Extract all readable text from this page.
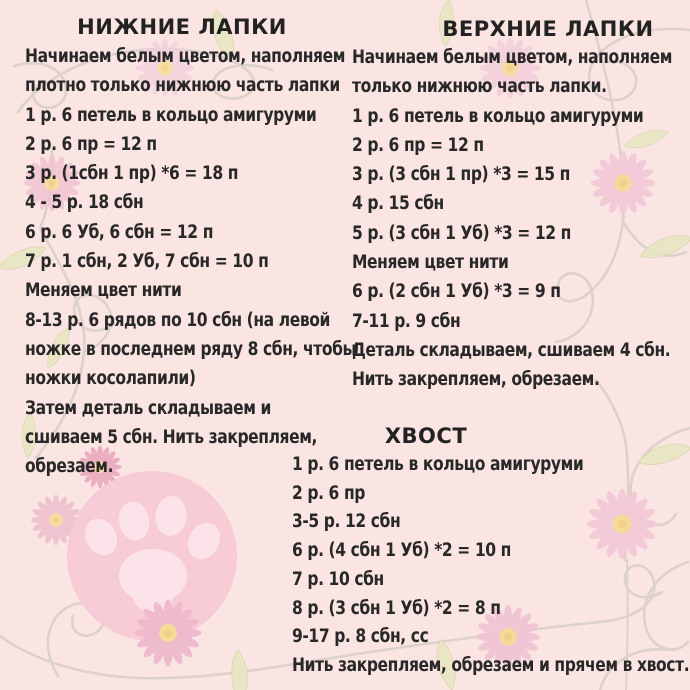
НИЖНИЕ ЛАПКИ	ВЕРХНИЕ ЛАПКИ
ХВОСТ
Начинаем белым цветом, наполняем
плотно только нижнюю часть лапки
1 р. 6 петель в кольцо амигуруми
2 р. 6 пр = 12 п
3 р. (1сбн 1 пр) *6 = 18 п
4 - 5 р. 18 сбн
6 р. 6 Уб, 6 сбн = 12 п
7 р. 1 сбн, 2 Уб, 7 сбн = 10 п
Меняем цвет нити
8-13 р. 6 рядов по 10 сбн (на левой
ножке в последнем ряду 8 сбн, чтобы
ножки косолапили)
Затем деталь складываем и
сшиваем 5 сбн. Нить закрепляем,
обрезаем.
Начинаем белым цветом, наполняем
только нижнюю часть лапки.
1 р. 6 петель в кольцо амигуруми
2 р. 6 пр = 12 п
3 р. (3 сбн 1 пр) *3 = 15 п
4 р. 15 сбн
5 р. (3 сбн 1 Уб) *3 = 12 п
Меняем цвет нити
6 р. (2 сбн 1 Уб) *3 = 9 п
7-11 р. 9 сбн
Деталь складываем, сшиваем 4 сбн.
Нить закрепляем, обрезаем.
1 р. 6 петель в кольцо амигуруми
2 р. 6 пр
3-5 р. 12 сбн
6 р. (4 сбн 1 Уб) *2 = 10 п
7 р. 10 сбн
8 р. (3 сбн 1 Уб) *2 = 8 п
9-17 р. 8 сбн, сс
Нить закрепляем, обрезаем и прячем в хвост.
